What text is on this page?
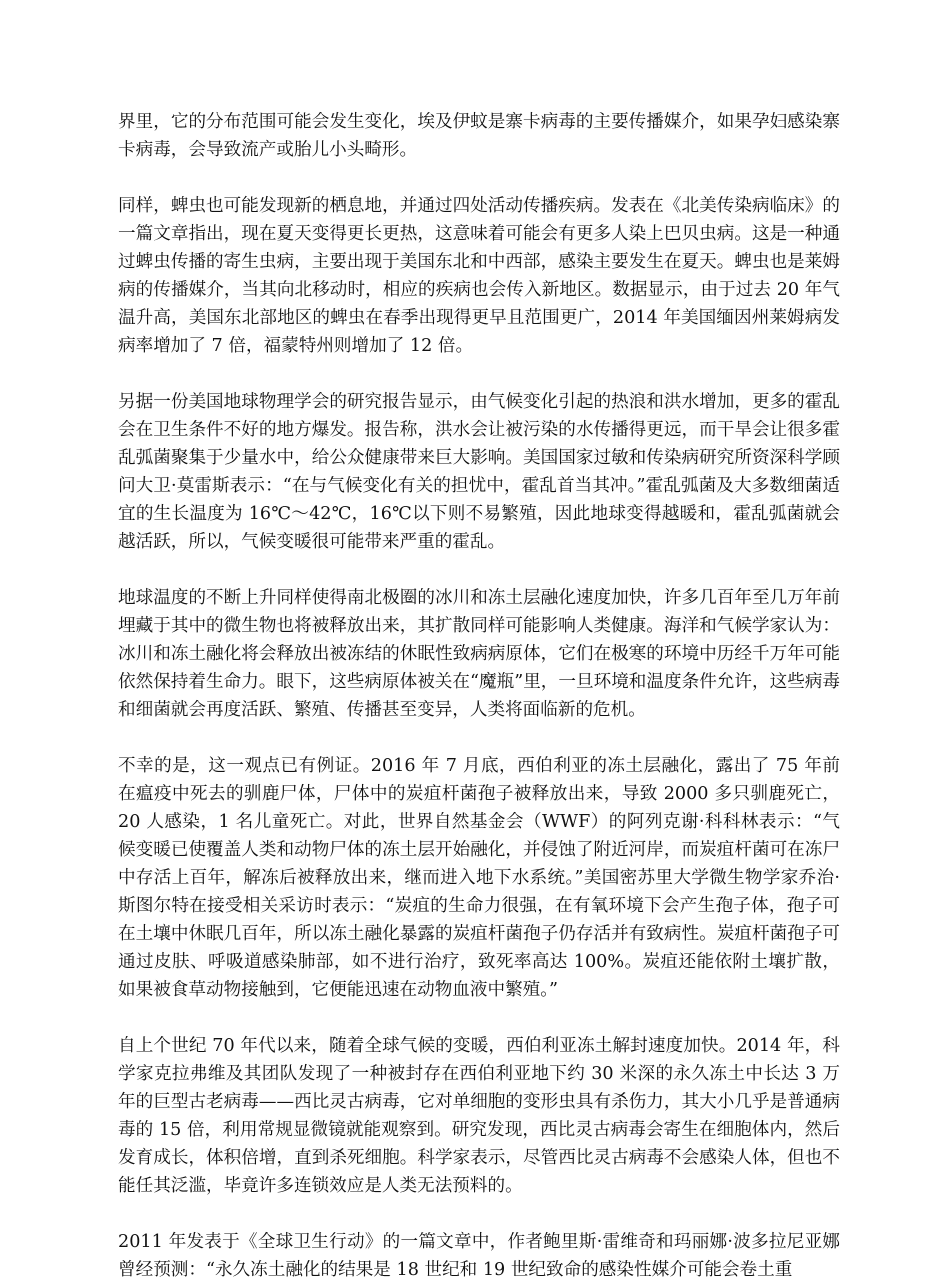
界里，它的分布范围可能会发生变化，埃及伊蚊是寨卡病毒的主要传播媒介，如果孕妇感染寨卡病毒，会导致流产或胎儿小头畸形。

同样，蜱虫也可能发现新的栖息地，并通过四处活动传播疾病。发表在《北美传染病临床》的一篇文章指出，现在夏天变得更长更热，这意味着可能会有更多人染上巴贝虫病。这是一种通过蜱虫传播的寄生虫病，主要出现于美国东北和中西部，感染主要发生在夏天。蜱虫也是莱姆病的传播媒介，当其向北移动时，相应的疾病也会传入新地区。数据显示，由于过去 20 年气温升高，美国东北部地区的蜱虫在春季出现得更早且范围更广，2014 年美国缅因州莱姆病发病率增加了 7 倍，福蒙特州则增加了 12 倍。

另据一份美国地球物理学会的研究报告显示，由气候变化引起的热浪和洪水增加，更多的霍乱会在卫生条件不好的地方爆发。报告称，洪水会让被污染的水传播得更远，而干旱会让很多霍乱弧菌聚集于少量水中，给公众健康带来巨大影响。美国国家过敏和传染病研究所资深科学顾问大卫·莫雷斯表示：“在与气候变化有关的担忧中，霍乱首当其冲。”霍乱弧菌及大多数细菌适宜的生长温度为 16℃～42℃，16℃以下则不易繁殖，因此地球变得越暖和，霍乱弧菌就会越活跃，所以，气候变暖很可能带来严重的霍乱。

地球温度的不断上升同样使得南北极圈的冰川和冻土层融化速度加快，许多几百年至几万年前埋藏于其中的微生物也将被释放出来，其扩散同样可能影响人类健康。海洋和气候学家认为：冰川和冻土融化将会释放出被冻结的休眠性致病病原体，它们在极寒的环境中历经千万年可能依然保持着生命力。眼下，这些病原体被关在“魔瓶”里，一旦环境和温度条件允许，这些病毒和细菌就会再度活跃、繁殖、传播甚至变异，人类将面临新的危机。

不幸的是，这一观点已有例证。2016 年 7 月底，西伯利亚的冻土层融化，露出了 75 年前在瘟疫中死去的驯鹿尸体，尸体中的炭疽杆菌孢子被释放出来，导致 2000 多只驯鹿死亡，20 人感染，1 名儿童死亡。对此，世界自然基金会（WWF）的阿列克谢·科科林表示：“气候变暖已使覆盖人类和动物尸体的冻土层开始融化，并侵蚀了附近河岸，而炭疽杆菌可在冻尸中存活上百年，解冻后被释放出来，继而进入地下水系统。”美国密苏里大学微生物学家乔治·斯图尔特在接受相关采访时表示：“炭疽的生命力很强，在有氧环境下会产生孢子体，孢子可在土壤中休眠几百年，所以冻土融化暴露的炭疽杆菌孢子仍存活并有致病性。炭疽杆菌孢子可通过皮肤、呼吸道感染肺部，如不进行治疗，致死率高达 100%。炭疽还能依附土壤扩散，如果被食草动物接触到，它便能迅速在动物血液中繁殖。”

自上个世纪 70 年代以来，随着全球气候的变暖，西伯利亚冻土解封速度加快。2014 年，科学家克拉弗维及其团队发现了一种被封存在西伯利亚地下约 30 米深的永久冻土中长达 3 万年的巨型古老病毒——西比灵古病毒，它对单细胞的变形虫具有杀伤力，其大小几乎是普通病毒的 15 倍，利用常规显微镜就能观察到。研究发现，西比灵古病毒会寄生在细胞体内，然后发育成长，体积倍增，直到杀死细胞。科学家表示，尽管西比灵古病毒不会感染人体，但也不能任其泛滥，毕竟许多连锁效应是人类无法预料的。

2011 年发表于《全球卫生行动》的一篇文章中，作者鲍里斯·雷维奇和玛丽娜·波多拉尼亚娜曾经预测：“永久冻土融化的结果是 18 世纪和 19 世纪致命的感染性媒介可能会卷土重
